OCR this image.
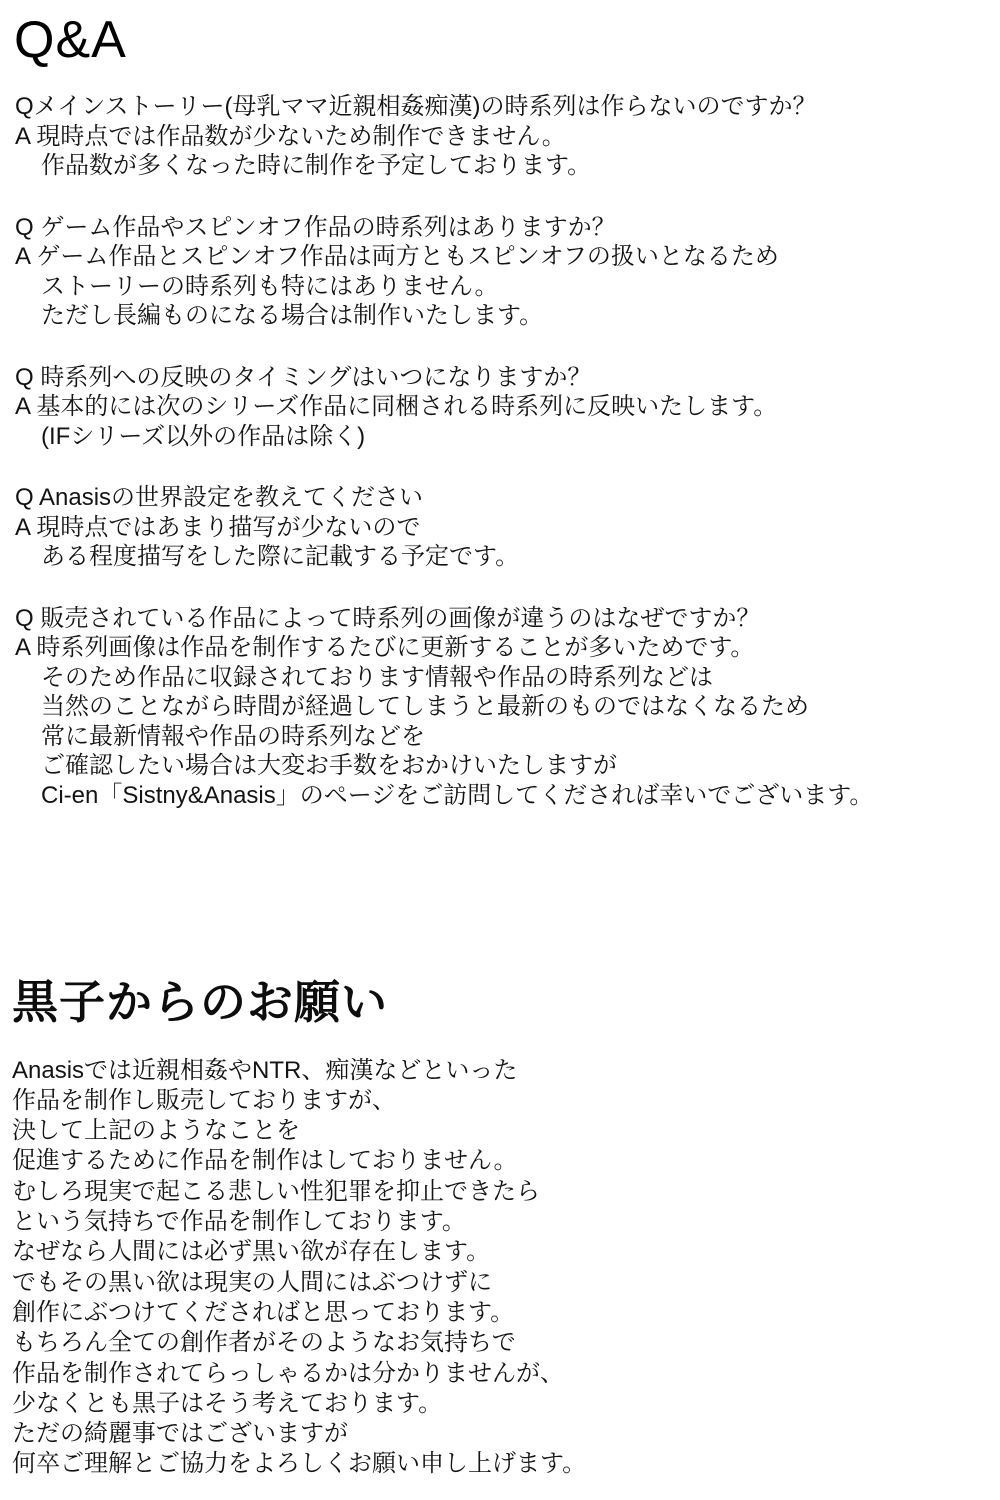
Q&A
Qメインストーリー(母乳ママ近親相姦痴漢)の時系列は作らないのですか？
A 現時点では作品数が少ないため制作できません。
作品数が多くなった時に制作を予定しております。
Q ゲーム作品やスピンオフ作品の時系列はありますか？
A ゲーム作品とスピンオフ作品は両方ともスピンオフの扱いとなるため
ストーリーの時系列も特にはありません。
ただし長編ものになる場合は制作いたします。
Q 時系列への反映のタイミングはいつになりますか？
A 基本的には次のシリーズ作品に同梱される時系列に反映いたします。
(IFシリーズ以外の作品は除く)
Q Anasisの世界設定を教えてください
A 現時点ではあまり描写が少ないので
ある程度描写をした際に記載する予定です。
Q 販売されている作品によって時系列の画像が違うのはなぜですか？
A 時系列画像は作品を制作するたびに更新することが多いためです。
そのため作品に収録されております情報や作品の時系列などは
当然のことながら時間が経過してしまうと最新のものではなくなるため
常に最新情報や作品の時系列などを
ご確認したい場合は大変お手数をおかけいたしますが
Ci-en「Sistny&Anasis」のページをご訪問してくだされば幸いでございます。
黒子からのお願い
Anasisでは近親相姦やNTR、痴漢などといった
作品を制作し販売しておりますが、
決して上記のようなことを
促進するために作品を制作はしておりません。
むしろ現実で起こる悲しい性犯罪を抑止できたら
という気持ちで作品を制作しております。
なぜなら人間には必ず黒い欲が存在します。
でもその黒い欲は現実の人間にはぶつけずに
創作にぶつけてくださればと思っております。
もちろん全ての創作者がそのようなお気持ちで
作品を制作されてらっしゃるかは分かりませんが、
少なくとも黒子はそう考えております。
ただの綺麗事ではございますが
何卒ご理解とご協力をよろしくお願い申し上げます。
